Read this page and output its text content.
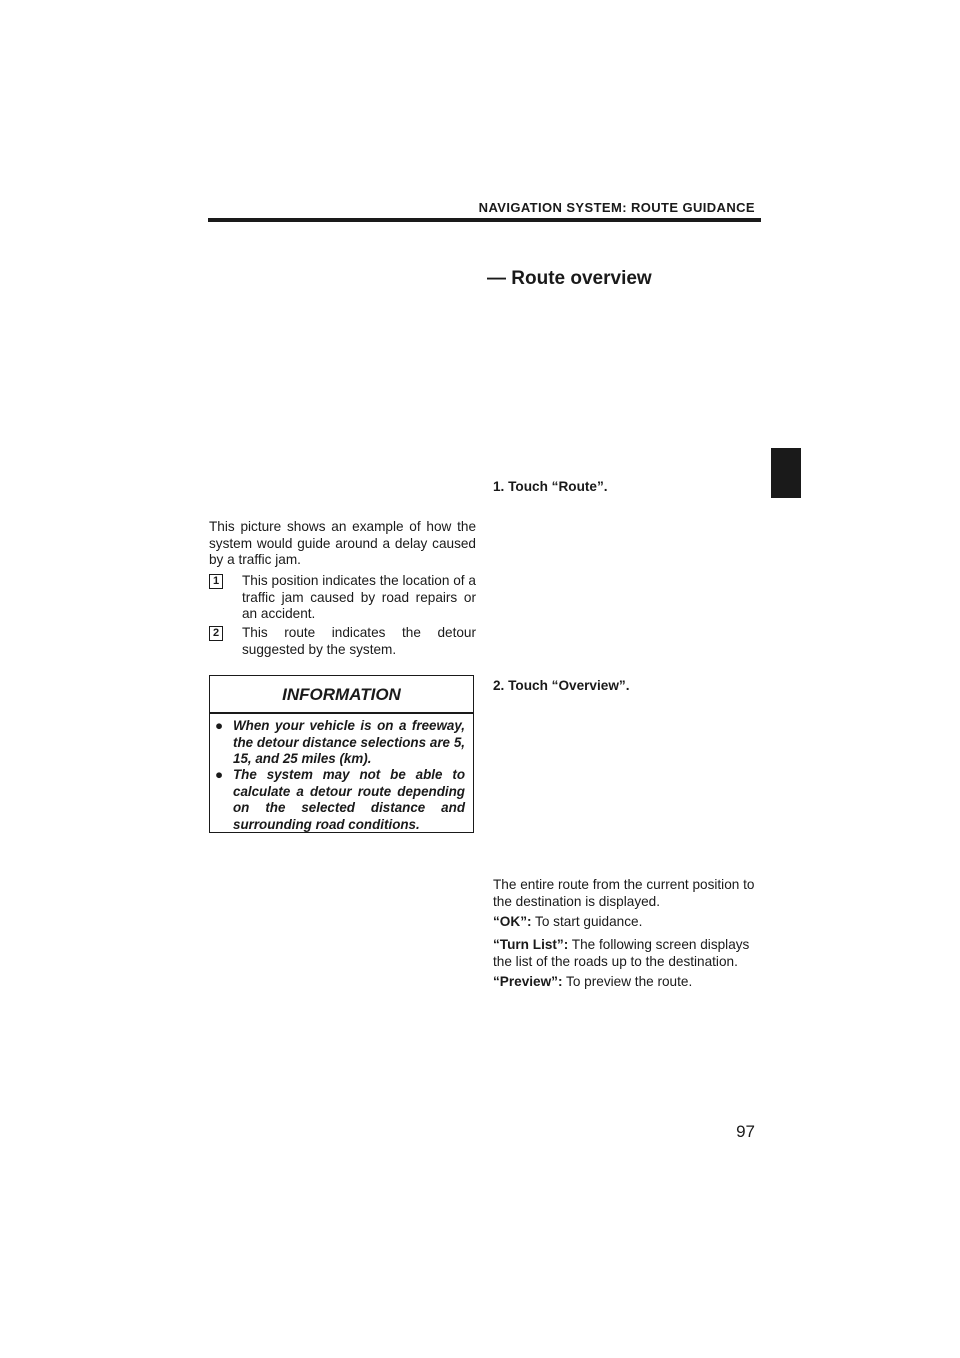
NAVIGATION SYSTEM: ROUTE GUIDANCE
— Route overview
This picture shows an example of how the system would guide around a delay caused by a traffic jam.
1 This position indicates the location of a traffic jam caused by road repairs or an accident.
2 This route indicates the detour suggested by the system.
INFORMATION
● When your vehicle is on a freeway, the detour distance selections are 5, 15, and 25 miles (km).
● The system may not be able to calculate a detour route depending on the selected distance and surrounding road conditions.
1. Touch “Route”.
2. Touch “Overview”.
The entire route from the current position to the destination is displayed.
“OK”: To start guidance.
“Turn List”: The following screen displays the list of the roads up to the destination.
“Preview”: To preview the route.
97
